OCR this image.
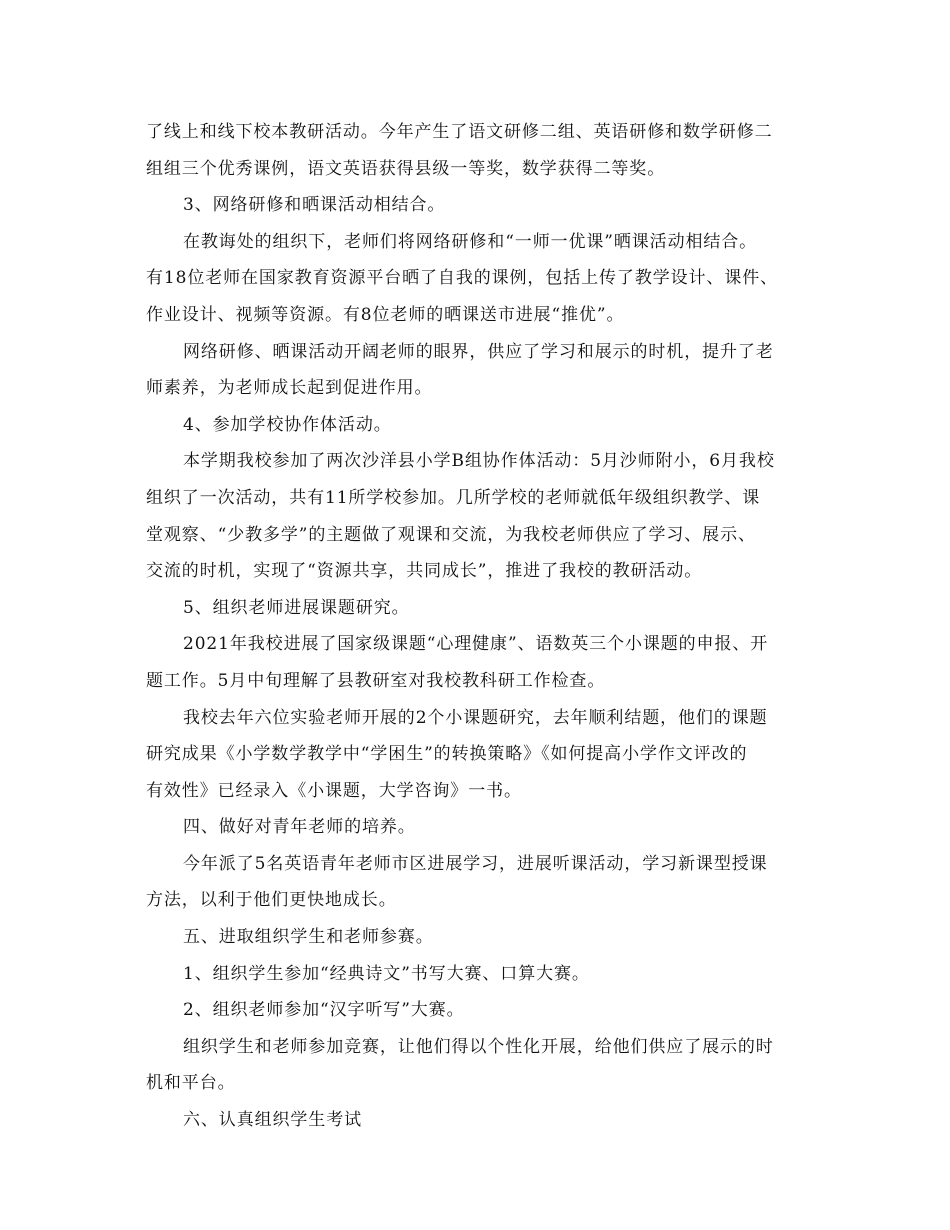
了线上和线下校本教研活动。今年产生了语文研修二组、英语研修和数学研修二

组组三个优秀课例，语文英语获得县级一等奖，数学获得二等奖。

3、网络研修和晒课活动相结合。

在教诲处的组织下，老师们将网络研修和“一师一优课”晒课活动相结合。

有18位老师在国家教育资源平台晒了自我的课例，包括上传了教学设计、课件、

作业设计、视频等资源。有8位老师的晒课送市进展“推优”。

网络研修、晒课活动开阔老师的眼界，供应了学习和展示的时机，提升了老

师素养，为老师成长起到促进作用。

4、参加学校协作体活动。

本学期我校参加了两次沙洋县小学B组协作体活动：5月沙师附小，6月我校

组织了一次活动，共有11所学校参加。几所学校的老师就低年级组织教学、课

堂观察、“少教多学”的主题做了观课和交流，为我校老师供应了学习、展示、

交流的时机，实现了“资源共享，共同成长”，推进了我校的教研活动。

5、组织老师进展课题研究。

2021年我校进展了国家级课题“心理健康”、语数英三个小课题的申报、开

题工作。5月中旬理解了县教研室对我校教科研工作检查。

我校去年六位实验老师开展的2个小课题研究，去年顺利结题，他们的课题

研究成果《小学数学教学中“学困生”的转换策略》《如何提高小学作文评改的

有效性》已经录入《小课题，大学咨询》一书。

四、做好对青年老师的培养。

今年派了5名英语青年老师市区进展学习，进展听课活动，学习新课型授课

方法，以利于他们更快地成长。

五、进取组织学生和老师参赛。

1、组织学生参加“经典诗文”书写大赛、口算大赛。

2、组织老师参加“汉字听写”大赛。

组织学生和老师参加竞赛，让他们得以个性化开展，给他们供应了展示的时

机和平台。

六、认真组织学生考试
